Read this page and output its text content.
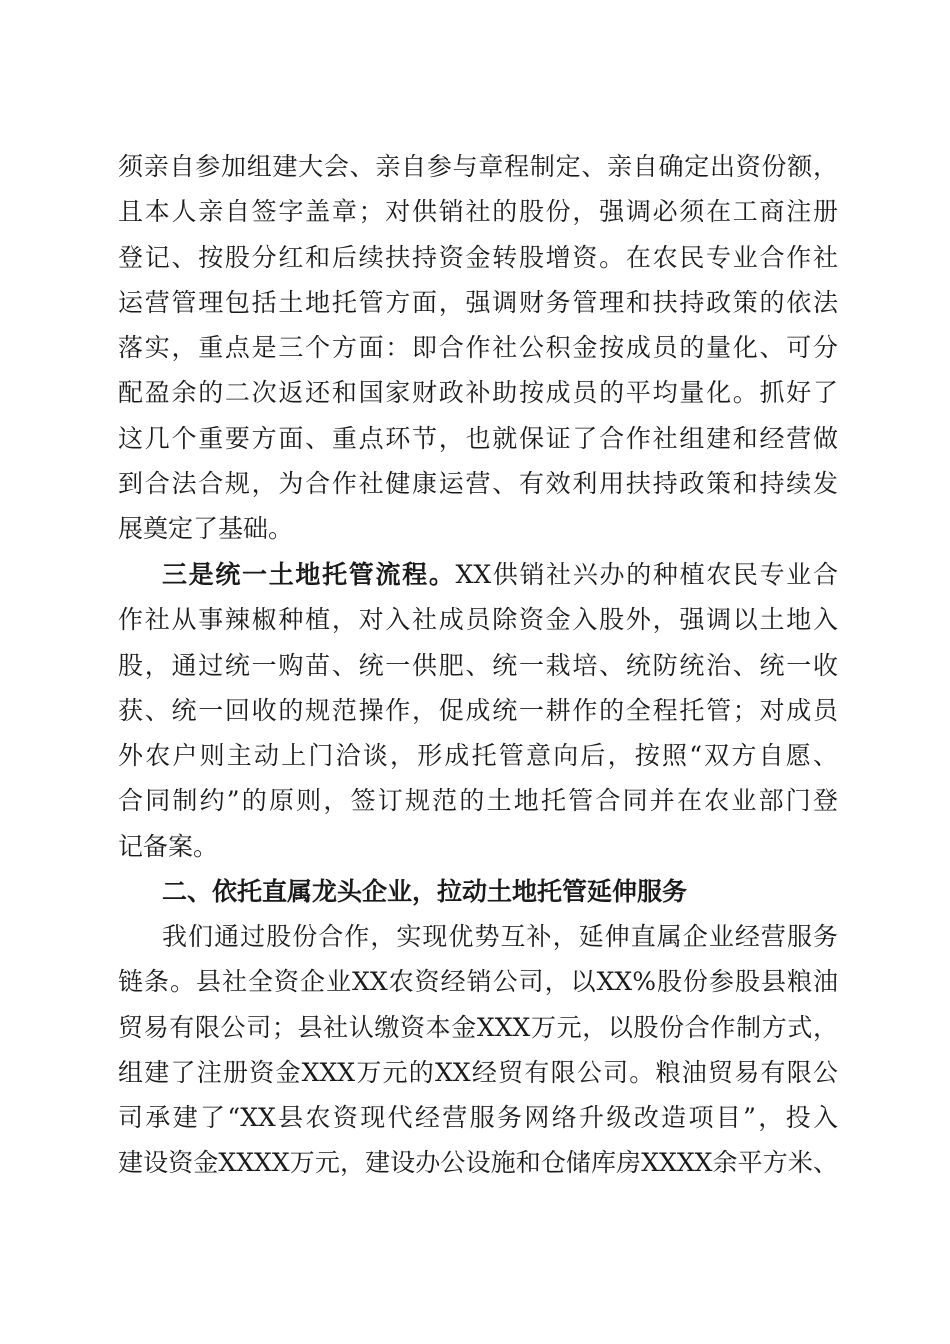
须亲自参加组建大会、亲自参与章程制定、亲自确定出资份额，
且本人亲自签字盖章；对供销社的股份，强调必须在工商注册
登记、按股分红和后续扶持资金转股增资。在农民专业合作社
运营管理包括土地托管方面，强调财务管理和扶持政策的依法
落实，重点是三个方面：即合作社公积金按成员的量化、可分
配盈余的二次返还和国家财政补助按成员的平均量化。抓好了
这几个重要方面、重点环节，也就保证了合作社组建和经营做
到合法合规，为合作社健康运营、有效利用扶持政策和持续发
展奠定了基础。
三是统一土地托管流程。XX供销社兴办的种植农民专业合
作社从事辣椒种植，对入社成员除资金入股外，强调以土地入
股，通过统一购苗、统一供肥、统一栽培、统防统治、统一收
获、统一回收的规范操作，促成统一耕作的全程托管；对成员
外农户则主动上门洽谈，形成托管意向后，按照“双方自愿、
合同制约”的原则，签订规范的土地托管合同并在农业部门登
记备案。
二、依托直属龙头企业，拉动土地托管延伸服务
我们通过股份合作，实现优势互补，延伸直属企业经营服务
链条。县社全资企业XX农资经销公司，以XX%股份参股县粮油
贸易有限公司；县社认缴资本金XXX万元，以股份合作制方式，
组建了注册资金XXX万元的XX经贸有限公司。粮油贸易有限公
司承建了“XX县农资现代经营服务网络升级改造项目”，投入
建设资金XXXX万元，建设办公设施和仓储库房XXXX余平方米、
